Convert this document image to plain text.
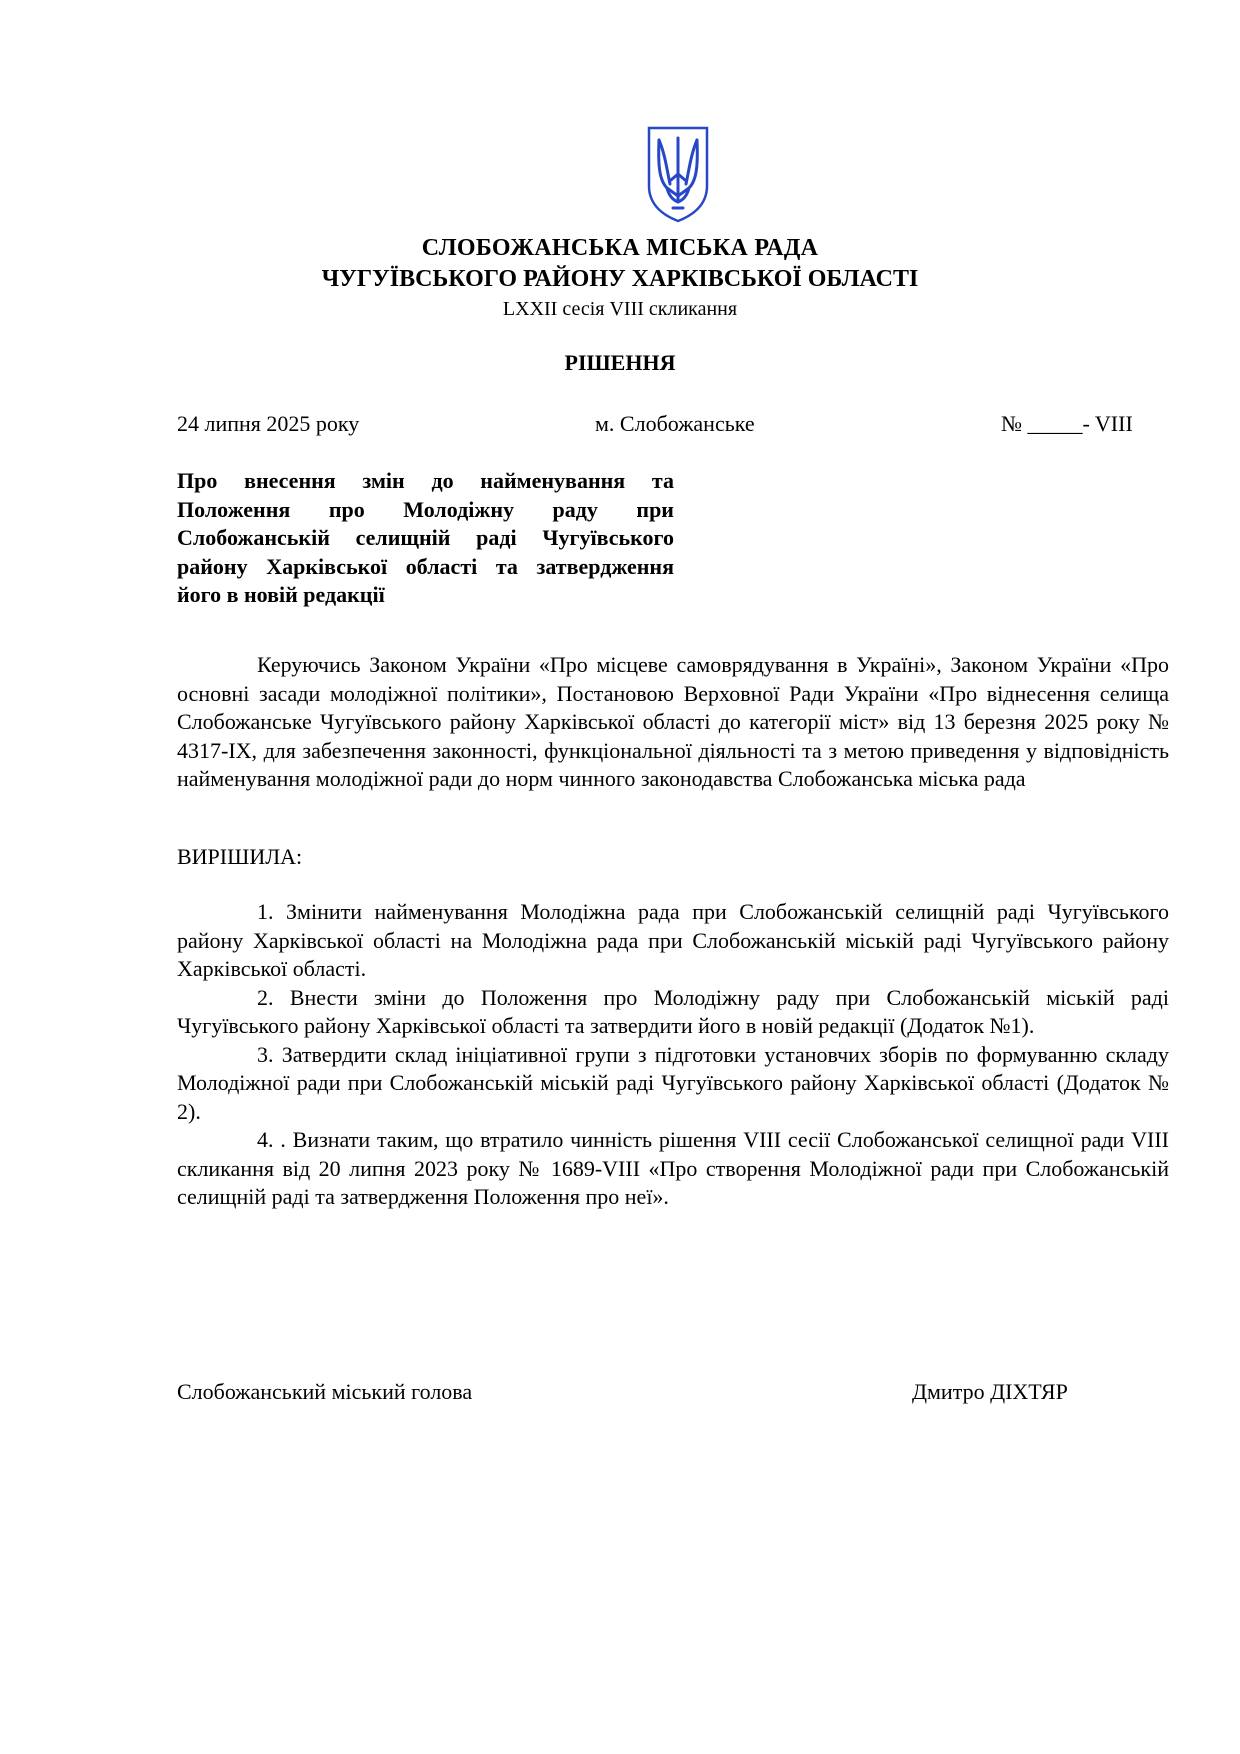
СЛОБОЖАНСЬКА МІСЬКА РАДА
ЧУГУЇВСЬКОГО РАЙОНУ ХАРКІВСЬКОЇ ОБЛАСТІ
LXXII сесія VIII скликання
РІШЕННЯ
24 липня 2025 року	м. Слобожанське	№ _____- VIII
Про внесення змін до найменування та
Положення про Молодіжну раду при
Слобожанській селищній раді Чугуївського
району Харківської області та затвердження
його в новій редакції

Керуючись Законом України «Про місцеве самоврядування в Україні», Законом України «Про основні засади молодіжної політики», Постановою Верховної Ради України «Про віднесення селища Слобожанське Чугуївського району Харківської області до категорії міст» від 13 березня 2025 року № 4317-ІХ, для забезпечення законності, функціональної діяльності та з метою приведення у відповідність найменування молодіжної ради до норм чинного законодавства Слобожанська міська рада

ВИРІШИЛА:

1. Змінити найменування Молодіжна рада при Слобожанській селищній раді Чугуївського району Харківської області на Молодіжна рада при Слобожанській міській раді Чугуївського району Харківської області.

2. Внести зміни до Положення про Молодіжну раду при Слобожанській міській раді Чугуївського району Харківської області та затвердити його в новій редакції (Додаток №1).

3. Затвердити склад ініціативної групи з підготовки установчих зборів по формуванню складу Молодіжної ради при Слобожанській міській раді Чугуївського району Харківської області (Додаток № 2).

4. . Визнати таким, що втратило чинність рішення VIII сесії Слобожанської селищної ради VIII скликання від 20 липня 2023 року № 1689-VIII «Про створення Молодіжної ради при Слобожанській селищній раді та затвердження Положення про неї».

Слобожанський міський голова	Дмитро ДІХТЯР
